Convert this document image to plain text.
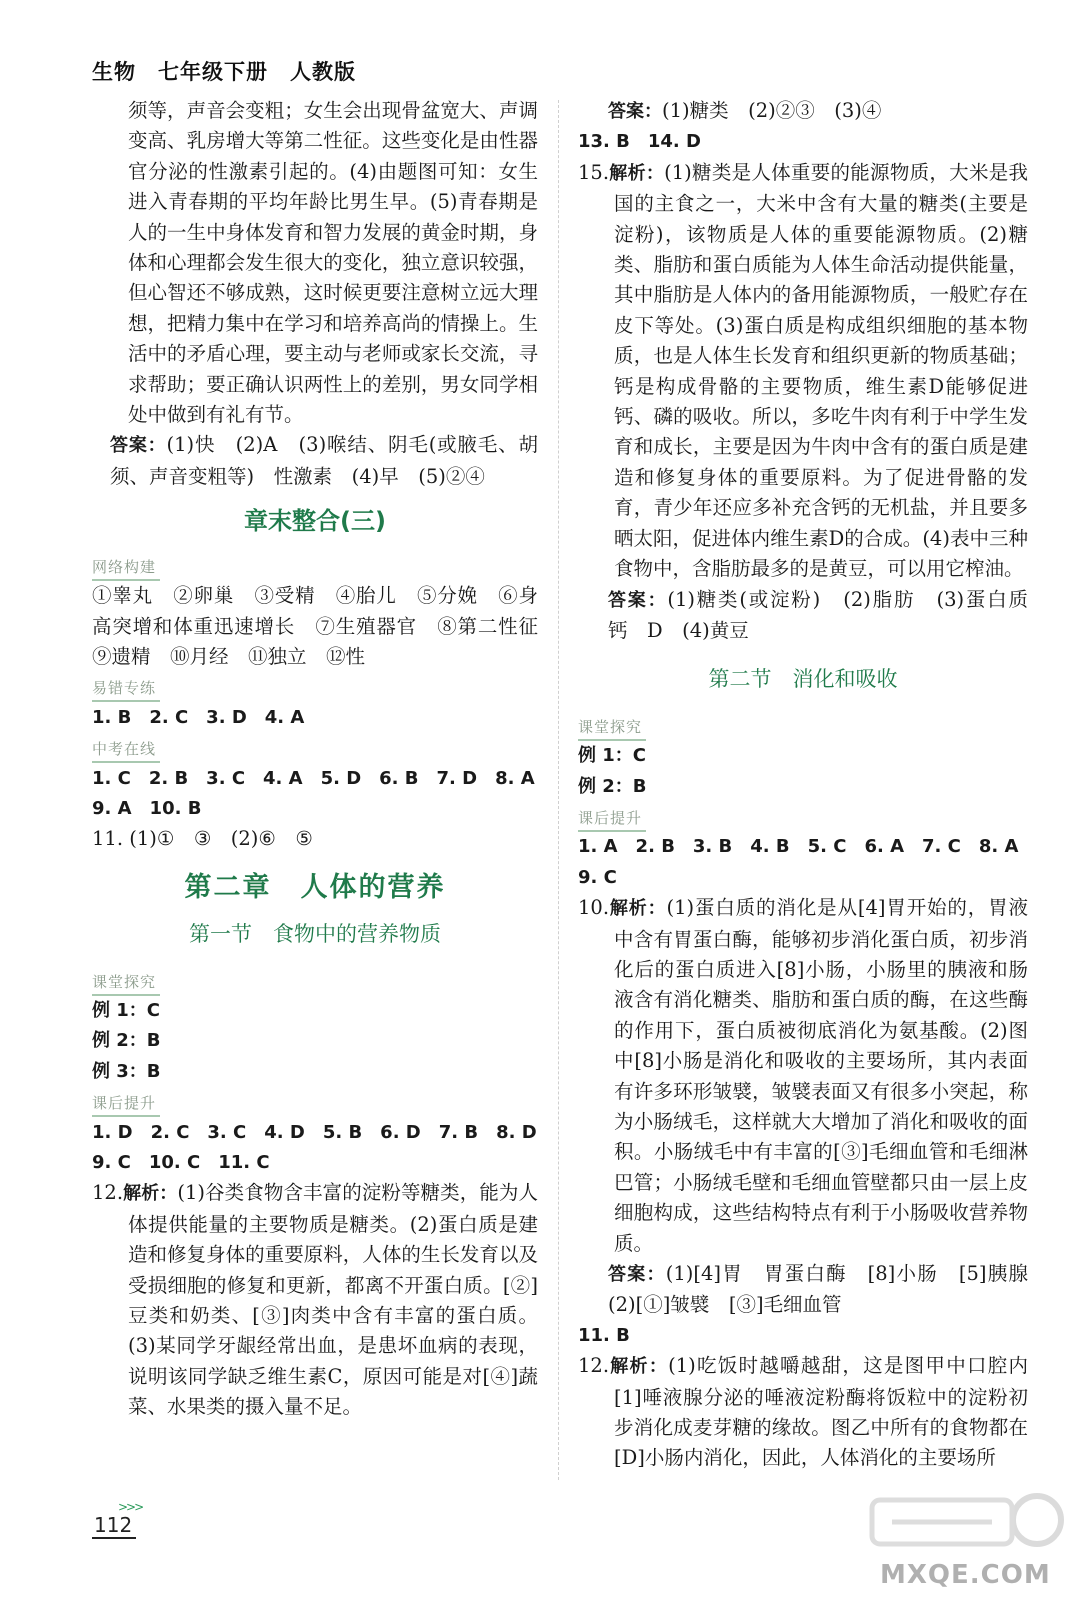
生物　七年级下册　人教版

须等，声音会变粗；女生会出现骨盆宽大、声调变高、乳房增大等第二性征。这些变化是由性器官分泌的性激素引起的。(4)由题图可知：女生进入青春期的平均年龄比男生早。(5)青春期是人的一生中身体发育和智力发展的黄金时期，身体和心理都会发生很大的变化，独立意识较强，但心智还不够成熟，这时候更要注意树立远大理想，把精力集中在学习和培养高尚的情操上。生活中的矛盾心理，要主动与老师或家长交流，寻求帮助；要正确认识两性上的差别，男女同学相处中做到有礼有节。

答案：(1)快　(2)A　(3)喉结、阴毛(或腋毛、胡须、声音变粗等)　性激素　(4)早　(5)②④

章末整合(三)
网络构建

①睾丸　②卵巢　③受精　④胎儿　⑤分娩　⑥身高突增和体重迅速增长　⑦生殖器官　⑧第二性征　⑨遗精　⑩月经　⑪独立　⑫性

易错专练

1. B　2. C　3. D　4. A

中考在线

1. C　2. B　3. C　4. A　5. D　6. B　7. D　8. A

9. A　10. B

11. (1)①　③　(2)⑥　⑤

第二章　人体的营养
第一节　食物中的营养物质
课堂探究

例 1：C

例 2：B

例 3：B

课后提升

1. D　2. C　3. C　4. D　5. B　6. D　7. B　8. D

9. C　10. C　11. C

12.解析：(1)谷类食物含丰富的淀粉等糖类，能为人体提供能量的主要物质是糖类。(2)蛋白质是建造和修复身体的重要原料，人体的生长发育以及受损细胞的修复和更新，都离不开蛋白质。[②]豆类和奶类、[③]肉类中含有丰富的蛋白质。(3)某同学牙龈经常出血，是患坏血病的表现，说明该同学缺乏维生素C，原因可能是对[④]蔬菜、水果类的摄入量不足。

答案：(1)糖类　(2)②③　(3)④

13. B　14. D

15.解析：(1)糖类是人体重要的能源物质，大米是我国的主食之一，大米中含有大量的糖类(主要是淀粉)，该物质是人体的重要能源物质。(2)糖类、脂肪和蛋白质能为人体生命活动提供能量，其中脂肪是人体内的备用能源物质，一般贮存在皮下等处。(3)蛋白质是构成组织细胞的基本物质，也是人体生长发育和组织更新的物质基础；钙是构成骨骼的主要物质，维生素D能够促进钙、磷的吸收。所以，多吃牛肉有利于中学生发育和成长，主要是因为牛肉中含有的蛋白质是建造和修复身体的重要原料。为了促进骨骼的发育，青少年还应多补充含钙的无机盐，并且要多晒太阳，促进体内维生素D的合成。(4)表中三种食物中，含脂肪最多的是黄豆，可以用它榨油。

答案：(1)糖类(或淀粉)　(2)脂肪　(3)蛋白质　钙　D　(4)黄豆

第二节　消化和吸收
课堂探究

例 1：C

例 2：B

课后提升

1. A　2. B　3. B　4. B　5. C　6. A　7. C　8. A

9. C

10.解析：(1)蛋白质的消化是从[4]胃开始的，胃液中含有胃蛋白酶，能够初步消化蛋白质，初步消化后的蛋白质进入[8]小肠，小肠里的胰液和肠液含有消化糖类、脂肪和蛋白质的酶，在这些酶的作用下，蛋白质被彻底消化为氨基酸。(2)图中[8]小肠是消化和吸收的主要场所，其内表面有许多环形皱襞，皱襞表面又有很多小突起，称为小肠绒毛，这样就大大增加了消化和吸收的面积。小肠绒毛中有丰富的[③]毛细血管和毛细淋巴管；小肠绒毛壁和毛细血管壁都只由一层上皮细胞构成，这些结构特点有利于小肠吸收营养物质。

答案：(1)[4]胃　胃蛋白酶　[8]小肠　[5]胰腺　(2)[①]皱襞　[③]毛细血管

11. B

12.解析：(1)吃饭时越嚼越甜，这是图甲中口腔内[1]唾液腺分泌的唾液淀粉酶将饭粒中的淀粉初步消化成麦芽糖的缘故。图乙中所有的食物都在[D]小肠内消化，因此，人体消化的主要场所

>>>
112
MXQE.COM
